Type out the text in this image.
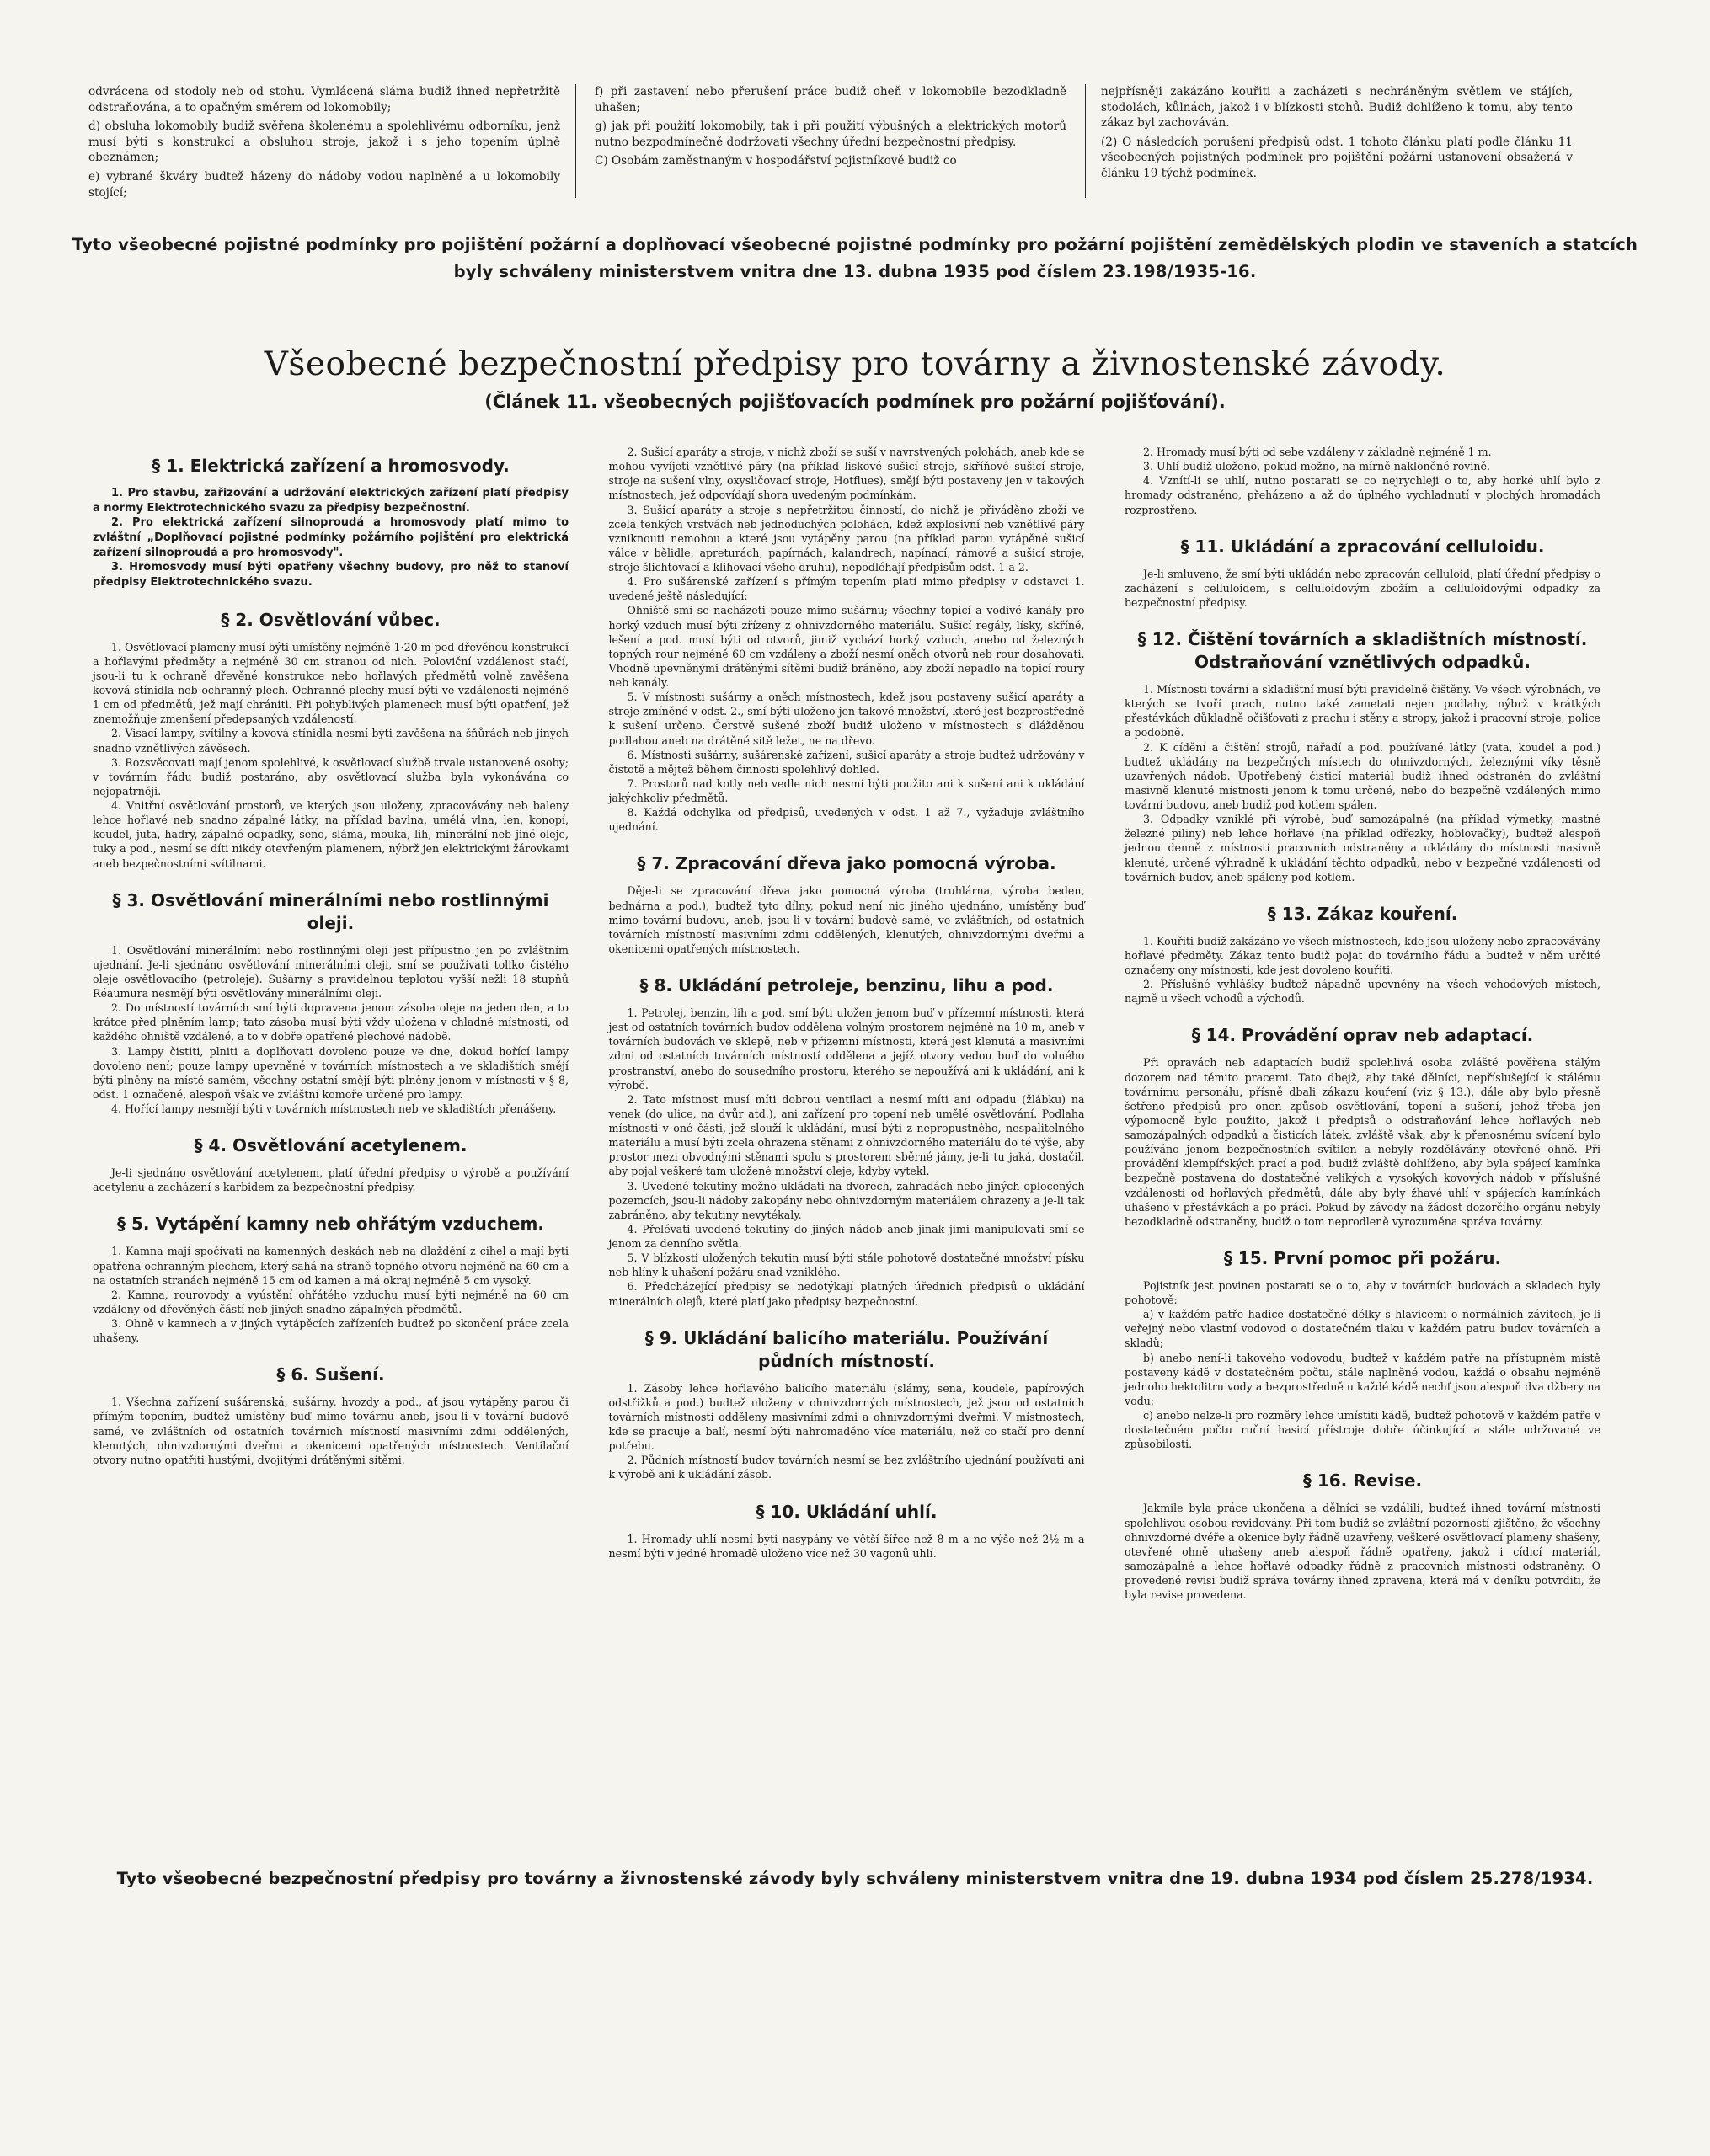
odvrácena od stodoly neb od stohu. Vymlácená sláma budiž ihned nepřetržitě odstraňována, a to opačným směrem od lokomobily;

d) obsluha lokomobily budiž svěřena školenému a spolehlivému odborníku, jenž musí býti s konstrukcí a obsluhou stroje, jakož i s jeho topením úplně obeznámen;

e) vybrané škváry budtež házeny do nádoby vodou naplněné a u lokomobily stojící;

f) při zastavení nebo přerušení práce budiž oheň v lokomobile bezodkladně uhašen;

g) jak při použití lokomobily, tak i při použití výbušných a elektrických motorů nutno bezpodmínečně dodržovati všechny úřední bezpečnostní předpisy.

C) Osobám zaměstnaným v hospodářství pojistníkově budiž co

nejpřísněji zakázáno kouřiti a zacházeti s nechráněným světlem ve stájích, stodolách, kůlnách, jakož i v blízkosti stohů. Budiž dohlíženo k tomu, aby tento zákaz byl zachováván.

(2) O následcích porušení předpisů odst. 1 tohoto článku platí podle článku 11 všeobecných pojistných podmínek pro pojištění požární ustanovení obsažená v článku 19 týchž podmínek.

Tyto všeobecné pojistné podmínky pro pojištění požární a doplňovací všeobecné pojistné podmínky pro požární pojištění zemědělských plodin ve staveních a statcích byly schváleny ministerstvem vnitra dne 13. dubna 1935 pod číslem 23.198/1935-16.
Všeobecné bezpečnostní předpisy pro továrny a živnostenské závody.
(Článek 11. všeobecných pojišťovacích podmínek pro požární pojišťování).
§ 1. Elektrická zařízení a hromosvody.

1. Pro stavbu, zařizování a udržování elektrických zařízení platí předpisy a normy Elektrotechnického svazu za předpisy bezpečnostní.

2. Pro elektrická zařízení silnoproudá a hromosvody platí mimo to zvláštní „Doplňovací pojistné podmínky požárního pojištění pro elektrická zařízení silnoproudá a pro hromosvody".

3. Hromosvody musí býti opatřeny všechny budovy, pro něž to stanoví předpisy Elektrotechnického svazu.

§ 2. Osvětlování vůbec.

1. Osvětlovací plameny musí býti umístěny nejméně 1·20 m pod dřevěnou konstrukcí a hořlavými předměty a nejméně 30 cm stranou od nich. Poloviční vzdálenost stačí, jsou-li tu k ochraně dřevěné konstrukce nebo hořlavých předmětů volně zavěšena kovová stínidla neb ochranný plech. Ochranné plechy musí býti ve vzdálenosti nejméně 1 cm od předmětů, jež mají chrániti. Při pohyblivých plamenech musí býti opatření, jež znemožňuje zmenšení předepsaných vzdáleností.

2. Visací lampy, svítilny a kovová stínidla nesmí býti zavěšena na šňůrách neb jiných snadno vznětlivých závěsech.

3. Rozsvěcovati mají jenom spolehlivé, k osvětlovací službě trvale ustanovené osoby; v továrním řádu budiž postaráno, aby osvětlovací služba byla vykonávána co nejopatrněji.

4. Vnitřní osvětlování prostorů, ve kterých jsou uloženy, zpracovávány neb baleny lehce hořlavé neb snadno zápalné látky, na příklad bavlna, umělá vlna, len, konopí, koudel, juta, hadry, zápalné odpadky, seno, sláma, mouka, lih, minerální neb jiné oleje, tuky a pod., nesmí se díti nikdy otevřeným plamenem, nýbrž jen elektrickými žárovkami aneb bezpečnostními svítilnami.

§ 3. Osvětlování minerálními nebo rostlinnými oleji.

1. Osvětlování minerálními nebo rostlinnými oleji jest přípustno jen po zvláštním ujednání. Je-li sjednáno osvětlování minerálními oleji, smí se používati toliko čistého oleje osvětlovacího (petroleje). Sušárny s pravidelnou teplotou vyšší nežli 18 stupňů Réaumura nesmějí býti osvětlovány minerálními oleji.

2. Do místností továrních smí býti dopravena jenom zásoba oleje na jeden den, a to krátce před plněním lamp; tato zásoba musí býti vždy uložena v chladné místnosti, od každého ohniště vzdálené, a to v dobře opatřené plechové nádobě.

3. Lampy čistiti, plniti a doplňovati dovoleno pouze ve dne, dokud hořící lampy dovoleno není; pouze lampy upevněné v továrních místnostech a ve skladištích smějí býti plněny na místě samém, všechny ostatní smějí býti plněny jenom v místnosti v § 8, odst. 1 označené, alespoň však ve zvláštní komoře určené pro lampy.

4. Hořící lampy nesmějí býti v továrních místnostech neb ve skladištích přenášeny.

§ 4. Osvětlování acetylenem.

Je-li sjednáno osvětlování acetylenem, platí úřední předpisy o výrobě a používání acetylenu a zacházení s karbidem za bezpečnostní předpisy.

§ 5. Vytápění kamny neb ohřátým vzduchem.

1. Kamna mají spočívati na kamenných deskách neb na dlaždění z cihel a mají býti opatřena ochranným plechem, který sahá na straně topného otvoru nejméně na 60 cm a na ostatních stranách nejméně 15 cm od kamen a má okraj nejméně 5 cm vysoký.

2. Kamna, rourovody a vyústění ohřátého vzduchu musí býti nejméně na 60 cm vzdáleny od dřevěných částí neb jiných snadno zápalných předmětů.

3. Ohně v kamnech a v jiných vytápěcích zařízeních budtež po skončení práce zcela uhašeny.

§ 6. Sušení.

1. Všechna zařízení sušárenská, sušárny, hvozdy a pod., ať jsou vytápěny parou či přímým topením, budtež umístěny buď mimo továrnu aneb, jsou-li v tovární budově samé, ve zvláštních od ostatních továrních místností masivními zdmi oddělených, klenutých, ohnivzdornými dveřmi a okenicemi opatřených místnostech. Ventilační otvory nutno opatřiti hustými, dvojitými drátěnými sítěmi.

2. Sušicí aparáty a stroje, v nichž zboží se suší v navrstvených polohách, aneb kde se mohou vyvíjeti vznětlivé páry (na příklad liskové sušicí stroje, skříňové sušicí stroje, stroje na sušení vlny, oxysličovací stroje, Hotflues), smějí býti postaveny jen v takových místnostech, jež odpovídají shora uvedeným podmínkám.

3. Sušicí aparáty a stroje s nepřetržitou činností, do nichž je přiváděno zboží ve zcela tenkých vrstvách neb jednoduchých polohách, kdež explosivní neb vznětlivé páry vzniknouti nemohou a které jsou vytápěny parou (na příklad parou vytápěné sušicí válce v bělidle, apreturách, papírnách, kalandrech, napínací, rámové a sušicí stroje, stroje šlichtovací a klihovací všeho druhu), nepodléhají předpisům odst. 1 a 2.

4. Pro sušárenské zařízení s přímým topením platí mimo předpisy v odstavci 1. uvedené ještě následující:

Ohniště smí se nacházeti pouze mimo sušárnu; všechny topicí a vodivé kanály pro horký vzduch musí býti zřízeny z ohnivzdorného materiálu. Sušicí regály, lísky, skříně, lešení a pod. musí býti od otvorů, jimiž vychází horký vzduch, anebo od železných topných rour nejméně 60 cm vzdáleny a zboží nesmí oněch otvorů neb rour dosahovati. Vhodně upevněnými drátěnými sítěmi budiž bráněno, aby zboží nepadlo na topicí roury neb kanály.

5. V místnosti sušárny a oněch místnostech, kdež jsou postaveny sušicí aparáty a stroje zmíněné v odst. 2., smí býti uloženo jen takové množství, které jest bezprostředně k sušení určeno. Čerstvě sušené zboží budiž uloženo v místnostech s dlážděnou podlahou aneb na drátěné sítě ležet, ne na dřevo.

6. Místnosti sušárny, sušárenské zařízení, sušicí aparáty a stroje budtež udržovány v čistotě a mějtež během činnosti spolehlivý dohled.

7. Prostorů nad kotly neb vedle nich nesmí býti použito ani k sušení ani k ukládání jakýchkoliv předmětů.

8. Každá odchylka od předpisů, uvedených v odst. 1 až 7., vyžaduje zvláštního ujednání.

§ 7. Zpracování dřeva jako pomocná výroba.

Děje-li se zpracování dřeva jako pomocná výroba (truhlárna, výroba beden, bednárna a pod.), budtež tyto dílny, pokud není nic jiného ujednáno, umístěny buď mimo tovární budovu, aneb, jsou-li v tovární budově samé, ve zvláštních, od ostatních továrních místností masivními zdmi oddělených, klenutých, ohnivzdornými dveřmi a okenicemi opatřených místnostech.

§ 8. Ukládání petroleje, benzinu, lihu a pod.

1. Petrolej, benzin, lih a pod. smí býti uložen jenom buď v přízemní místnosti, která jest od ostatních továrních budov oddělena volným prostorem nejméně na 10 m, aneb v továrních budovách ve sklepě, neb v přízemní místnosti, která jest klenutá a masivními zdmi od ostatních továrních místností oddělena a jejíž otvory vedou buď do volného prostranství, anebo do sousedního prostoru, kterého se nepoužívá ani k ukládání, ani k výrobě.

2. Tato místnost musí míti dobrou ventilaci a nesmí míti ani odpadu (žlábku) na venek (do ulice, na dvůr atd.), ani zařízení pro topení neb umělé osvětlování. Podlaha místnosti v oné části, jež slouží k ukládání, musí býti z nepropustného, nespalitelného materiálu a musí býti zcela ohrazena stěnami z ohnivzdorného materiálu do té výše, aby prostor mezi obvodnými stěnami spolu s prostorem sběrné jámy, je-li tu jaká, dostačil, aby pojal veškeré tam uložené množství oleje, kdyby vytekl.

3. Uvedené tekutiny možno ukládati na dvorech, zahradách nebo jiných oplocených pozemcích, jsou-li nádoby zakopány nebo ohnivzdorným materiálem ohrazeny a je-li tak zabráněno, aby tekutiny nevytékaly.

4. Přelévati uvedené tekutiny do jiných nádob aneb jinak jimi manipulovati smí se jenom za denního světla.

5. V blízkosti uložených tekutin musí býti stále pohotově dostatečné množství písku neb hlíny k uhašení požáru snad vzniklého.

6. Předcházející předpisy se nedotýkají platných úředních předpisů o ukládání minerálních olejů, které platí jako předpisy bezpečnostní.

§ 9. Ukládání balicího materiálu. Používání půdních místností.

1. Zásoby lehce hořlavého balicího materiálu (slámy, sena, koudele, papírových odstřižků a pod.) budtež uloženy v ohnivzdorných místnostech, jež jsou od ostatních továrních místností odděleny masivními zdmi a ohnivzdornými dveřmi. V místnostech, kde se pracuje a balí, nesmí býti nahromaděno více materiálu, než co stačí pro denní potřebu.

2. Půdních místností budov továrních nesmí se bez zvláštního ujednání používati ani k výrobě ani k ukládání zásob.

§ 10. Ukládání uhlí.

1. Hromady uhlí nesmí býti nasypány ve větší šířce než 8 m a ne výše než 2½ m a nesmí býti v jedné hromadě uloženo více než 30 vagonů uhlí.

2. Hromady musí býti od sebe vzdáleny v základně nejméně 1 m.

3. Uhlí budiž uloženo, pokud možno, na mírně nakloněné rovině.

4. Vznítí-li se uhlí, nutno postarati se co nejrychleji o to, aby horké uhlí bylo z hromady odstraněno, přeházeno a až do úplného vychladnutí v plochých hromadách rozprostřeno.

§ 11. Ukládání a zpracování celluloidu.

Je-li smluveno, že smí býti ukládán nebo zpracován celluloid, platí úřední předpisy o zacházení s celluloidem, s celluloidovým zbožím a celluloidovými odpadky za bezpečnostní předpisy.

§ 12. Čištění továrních a skladištních místností. Odstraňování vznětlivých odpadků.

1. Místnosti tovární a skladištní musí býti pravidelně čištěny. Ve všech výrobnách, ve kterých se tvoří prach, nutno také zametati nejen podlahy, nýbrž v krátkých přestávkách důkladně očišťovati z prachu i stěny a stropy, jakož i pracovní stroje, police a podobně.

2. K cídění a čištění strojů, nářadí a pod. používané látky (vata, koudel a pod.) budtež ukládány na bezpečných místech do ohnivzdorných, železnými víky těsně uzavřených nádob. Upotřebený čisticí materiál budiž ihned odstraněn do zvláštní masivně klenuté místnosti jenom k tomu určené, nebo do bezpečně vzdálených mimo tovární budovu, aneb budiž pod kotlem spálen.

3. Odpadky vzniklé při výrobě, buď samozápalné (na příklad výmetky, mastné železné piliny) neb lehce hořlavé (na příklad odřezky, hoblovačky), budtež alespoň jednou denně z místností pracovních odstraněny a ukládány do místnosti masivně klenuté, určené výhradně k ukládání těchto odpadků, nebo v bezpečné vzdálenosti od továrních budov, aneb spáleny pod kotlem.

§ 13. Zákaz kouření.

1. Kouřiti budiž zakázáno ve všech místnostech, kde jsou uloženy nebo zpracovávány hořlavé předměty. Zákaz tento budiž pojat do továrního řádu a budtež v něm určité označeny ony místnosti, kde jest dovoleno kouřiti.

2. Příslušné vyhlášky budtež nápadně upevněny na všech vchodových místech, najmě u všech vchodů a východů.

§ 14. Provádění oprav neb adaptací.

Při opravách neb adaptacích budiž spolehlivá osoba zvláště pověřena stálým dozorem nad těmito pracemi. Tato dbejž, aby také dělníci, nepříslušející k stálému továrnímu personálu, přísně dbali zákazu kouření (viz § 13.), dále aby bylo přesně šetřeno předpisů pro onen způsob osvětlování, topení a sušení, jehož třeba jen výpomocně bylo použito, jakož i předpisů o odstraňování lehce hořlavých neb samozápalných odpadků a čisticích látek, zvláště však, aby k přenosnému svícení bylo používáno jenom bezpečnostních svítilen a nebyly rozdělávány otevřené ohně. Při provádění klempířských prací a pod. budiž zvláště dohlíženo, aby byla spájecí kamínka bezpečně postavena do dostatečné velikých a vysokých kovových nádob v příslušné vzdálenosti od hořlavých předmětů, dále aby byly žhavé uhlí v spájecích kamínkách uhašeno v přestávkách a po práci. Pokud by závody na žádost dozorčího orgánu nebyly bezodkladně odstraněny, budiž o tom neprodleně vyrozuměna správa továrny.

§ 15. První pomoc při požáru.

Pojistník jest povinen postarati se o to, aby v továrních budovách a skladech byly pohotově:

a) v každém patře hadice dostatečné délky s hlavicemi o normálních závitech, je-li veřejný nebo vlastní vodovod o dostatečném tlaku v každém patru budov továrních a skladů;

b) anebo není-li takového vodovodu, budtež v každém patře na přístupném místě postaveny kádě v dostatečném počtu, stále naplněné vodou, každá o obsahu nejméně jednoho hektolitru vody a bezprostředně u každé kádě nechť jsou alespoň dva džbery na vodu;

c) anebo nelze-li pro rozměry lehce umístiti kádě, budtež pohotově v každém patře v dostatečném počtu ruční hasicí přístroje dobře účinkující a stále udržované ve způsobilosti.

§ 16. Revise.

Jakmile byla práce ukončena a dělníci se vzdálili, budtež ihned tovární místnosti spolehlivou osobou revidovány. Při tom budiž se zvláštní pozorností zjištěno, že všechny ohnivzdorné dvéře a okenice byly řádně uzavřeny, veškeré osvětlovací plameny shašeny, otevřené ohně uhašeny aneb alespoň řádně opatřeny, jakož i cídicí materiál, samozápalné a lehce hořlavé odpadky řádně z pracovních místností odstraněny. O provedené revisi budiž správa továrny ihned zpravena, která má v deníku potvrditi, že byla revise provedena.

Tyto všeobecné bezpečnostní předpisy pro továrny a živnostenské závody byly schváleny ministerstvem vnitra dne 19. dubna 1934 pod číslem 25.278/1934.
